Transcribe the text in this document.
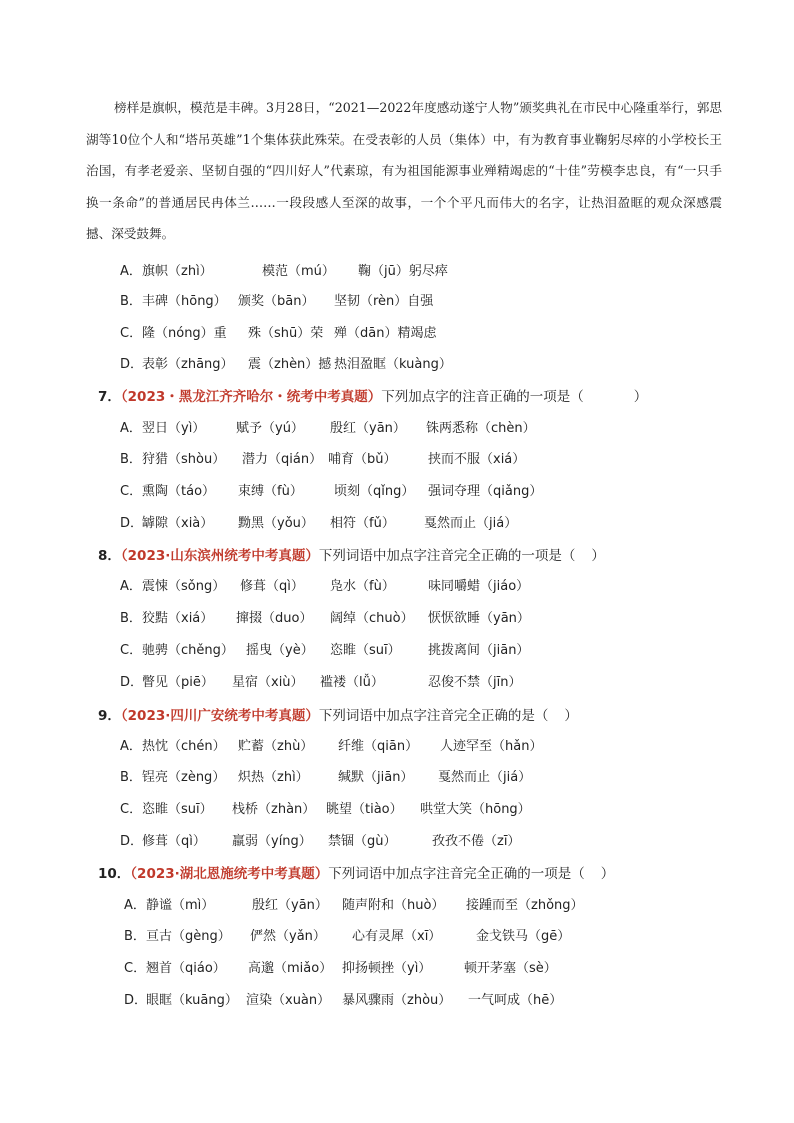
榜样是旗帜，模范是丰碑。3月28日，“2021—2022年度感动遂宁人物”颁奖典礼在市民中心隆重举行，郭思湖等10位个人和“塔吊英雄”1个集体获此殊荣。在受表彰的人员（集体）中，有为教育事业鞠躬尽瘁的小学校长王治国，有孝老爱亲、坚韧自强的“四川好人”代素琼，有为祖国能源事业殚精竭虑的“十佳”劳模李忠良，有“一只手换一条命”的普通居民冉体兰……一段段感人至深的故事，一个个平凡而伟大的名字，让热泪盈眶的观众深感震撼、深受鼓舞。
A．旗帜（zhì）	模范（mú） 鞠（jū）躬尽瘁
B．丰碑（hōng） 颁奖（bān） 坚韧（rèn）自强
C．隆（nóng）重 殊（shū）荣 殚（dān）精竭虑
D．表彰（zhāng） 震（zhèn）撼 热泪盈眶（kuàng）
7．（2023・黑龙江齐齐哈尔・统考中考真题）下列加点字的注音正确的一项是（	）
A．翌日（yì） 赋予（yú） 殷红（yān） 铢两悉称（chèn）
B．狩猎（shòu） 潜力（qián） 哺育（bǔ） 挟而不服（xiá）
C．熏陶（táo） 束缚（fù） 顷刻（qǐng） 强词夺理（qiǎng）
D．罅隙（xià） 黝黑（yǒu） 相符（fǔ） 戛然而止（jiá）
8．（2023·山东滨州统考中考真题）下列词语中加点字注音完全正确的一项是（ ）
A．震悚（sǒng） 修葺（qì） 凫水（fù）	味同嚼蜡（jiáo）
B．狡黠（xiá） 撺掇（duo） 阔绰（chuò） 恹恹欲睡（yān）
C．驰骋（chěng） 摇曳（yè） 恣睢（suī） 挑拨离间（jiān）
D．瞥见（piē） 星宿（xiù） 褴褛（lǚ）	忍俊不禁（jīn）
9．（2023·四川广安统考中考真题）下列词语中加点字注音完全正确的是（ ）
A．热忱（chén） 贮蓄（zhù） 纤维（qiān） 人迹罕至（hǎn）
B．锃亮（zèng） 炽热（zhì） 缄默（jiān） 戛然而止（jiá）
C．恣睢（suī） 栈桥（zhàn） 眺望（tiào） 哄堂大笑（hōng）
D．修葺（qì） 羸弱（yíng） 禁锢（gù）	孜孜不倦（zī）
10．（2023·湖北恩施统考中考真题）下列词语中加点字注音完全正确的一项是（ ）
A．静谧（mì）	殷红（yān） 随声附和（huò） 接踵而至（zhǒng）
B．亘古（gèng） 俨然（yǎn） 心有灵犀（xī）	金戈铁马（gē）
C．翘首（qiáo） 高邈（miǎo） 抑扬顿挫（yì）	顿开茅塞（sè）
D．眼眶（kuāng） 渲染（xuàn） 暴风骤雨（zhòu） 一气呵成（hē）
